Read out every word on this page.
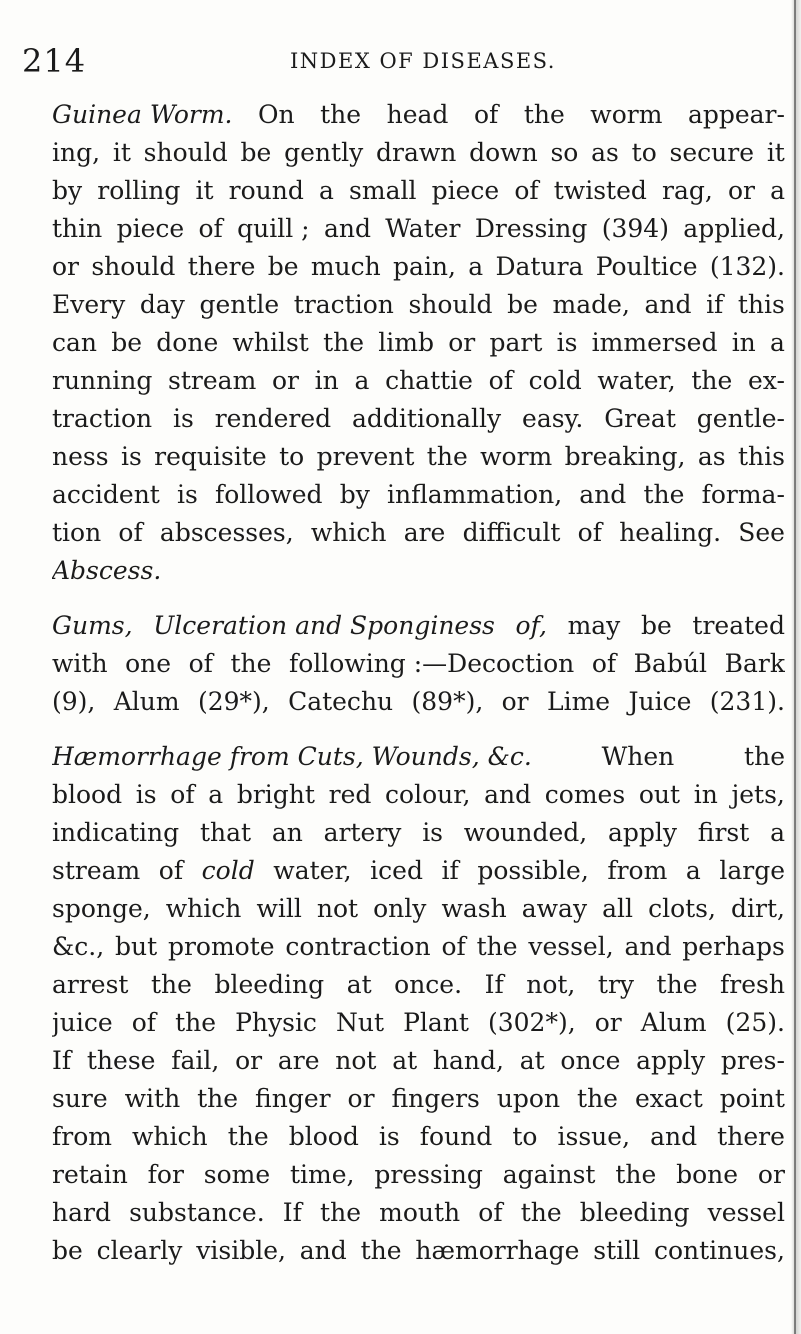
214	INDEX OF DISEASES.
Guinea Worm. On the head of the worm appear-
ing, it should be gently drawn down so as to secure it
by rolling it round a small piece of twisted rag, or a
thin piece of quill ; and Water Dressing (394) applied,
or should there be much pain, a Datura Poultice (132).
Every day gentle traction should be made, and if this
can be done whilst the limb or part is immersed in a
running stream or in a chattie of cold water, the ex-
traction is rendered additionally easy. Great gentle-
ness is requisite to prevent the worm breaking, as this
accident is followed by inflammation, and the forma-
tion of abscesses, which are difficult of healing. See
Abscess.
Gums, Ulceration and Sponginess of, may be treated
with one of the following :—Decoction of Babúl Bark
(9), Alum (29*), Catechu (89*), or Lime Juice (231).
Hæmorrhage from Cuts, Wounds, &c.	When	the
blood is of a bright red colour, and comes out in jets,
indicating that an artery is wounded, apply first a
stream of cold water, iced if possible, from a large
sponge, which will not only wash away all clots, dirt,
&c., but promote contraction of the vessel, and perhaps
arrest the bleeding at once. If not, try the fresh
juice of the Physic Nut Plant (302*), or Alum (25).
If these fail, or are not at hand, at once apply pres-
sure with the finger or fingers upon the exact point
from which the blood is found to issue, and there
retain for some time, pressing against the bone or
hard substance. If the mouth of the bleeding vessel
be clearly visible, and the hæmorrhage still continues,
